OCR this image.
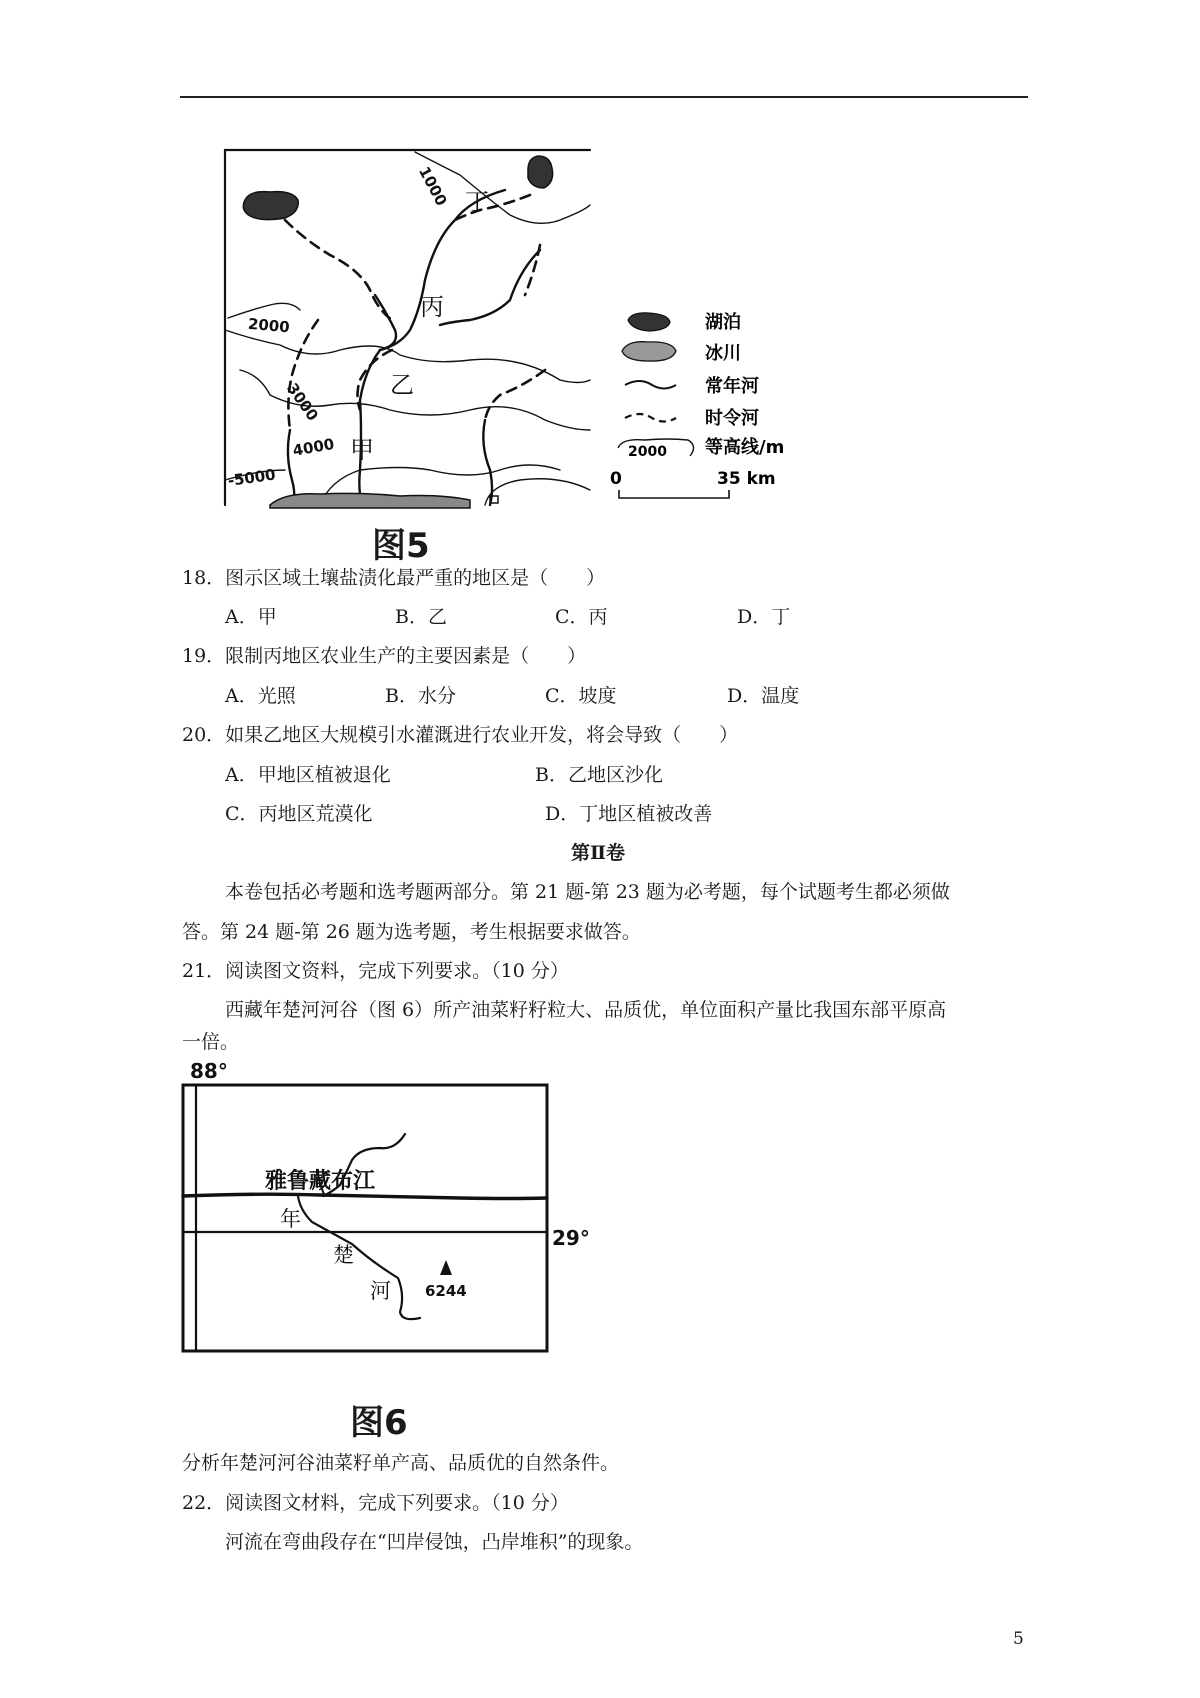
1000
2000
3000
4000
-5000
甲
乙
丙
丁
湖泊
冰川
常年河
时令河
2000 等高线/m
0	35 km
图5
18．图示区域土壤盐渍化最严重的地区是（　　）
A．甲	B．乙	C．丙	D．丁
19．限制丙地区农业生产的主要因素是（　　）
A．光照	B．水分	C．坡度	D．温度
20．如果乙地区大规模引水灌溉进行农业开发，将会导致（　　）
A．甲地区植被退化	B．乙地区沙化
C．丙地区荒漠化	D．丁地区植被改善
第Ⅱ卷
本卷包括必考题和选考题两部分。第 21 题-第 23 题为必考题，每个试题考生都必须做
答。第 24 题-第 26 题为选考题，考生根据要求做答。
21．阅读图文资料，完成下列要求。（10 分）
西藏年楚河河谷（图 6）所产油菜籽籽粒大、品质优，单位面积产量比我国东部平原高
一倍。
88°
29°
雅鲁藏布江
6244
年
楚
河
图6
分析年楚河河谷油菜籽单产高、品质优的自然条件。
22．阅读图文材料，完成下列要求。（10 分）
河流在弯曲段存在“凹岸侵蚀，凸岸堆积”的现象。
5
